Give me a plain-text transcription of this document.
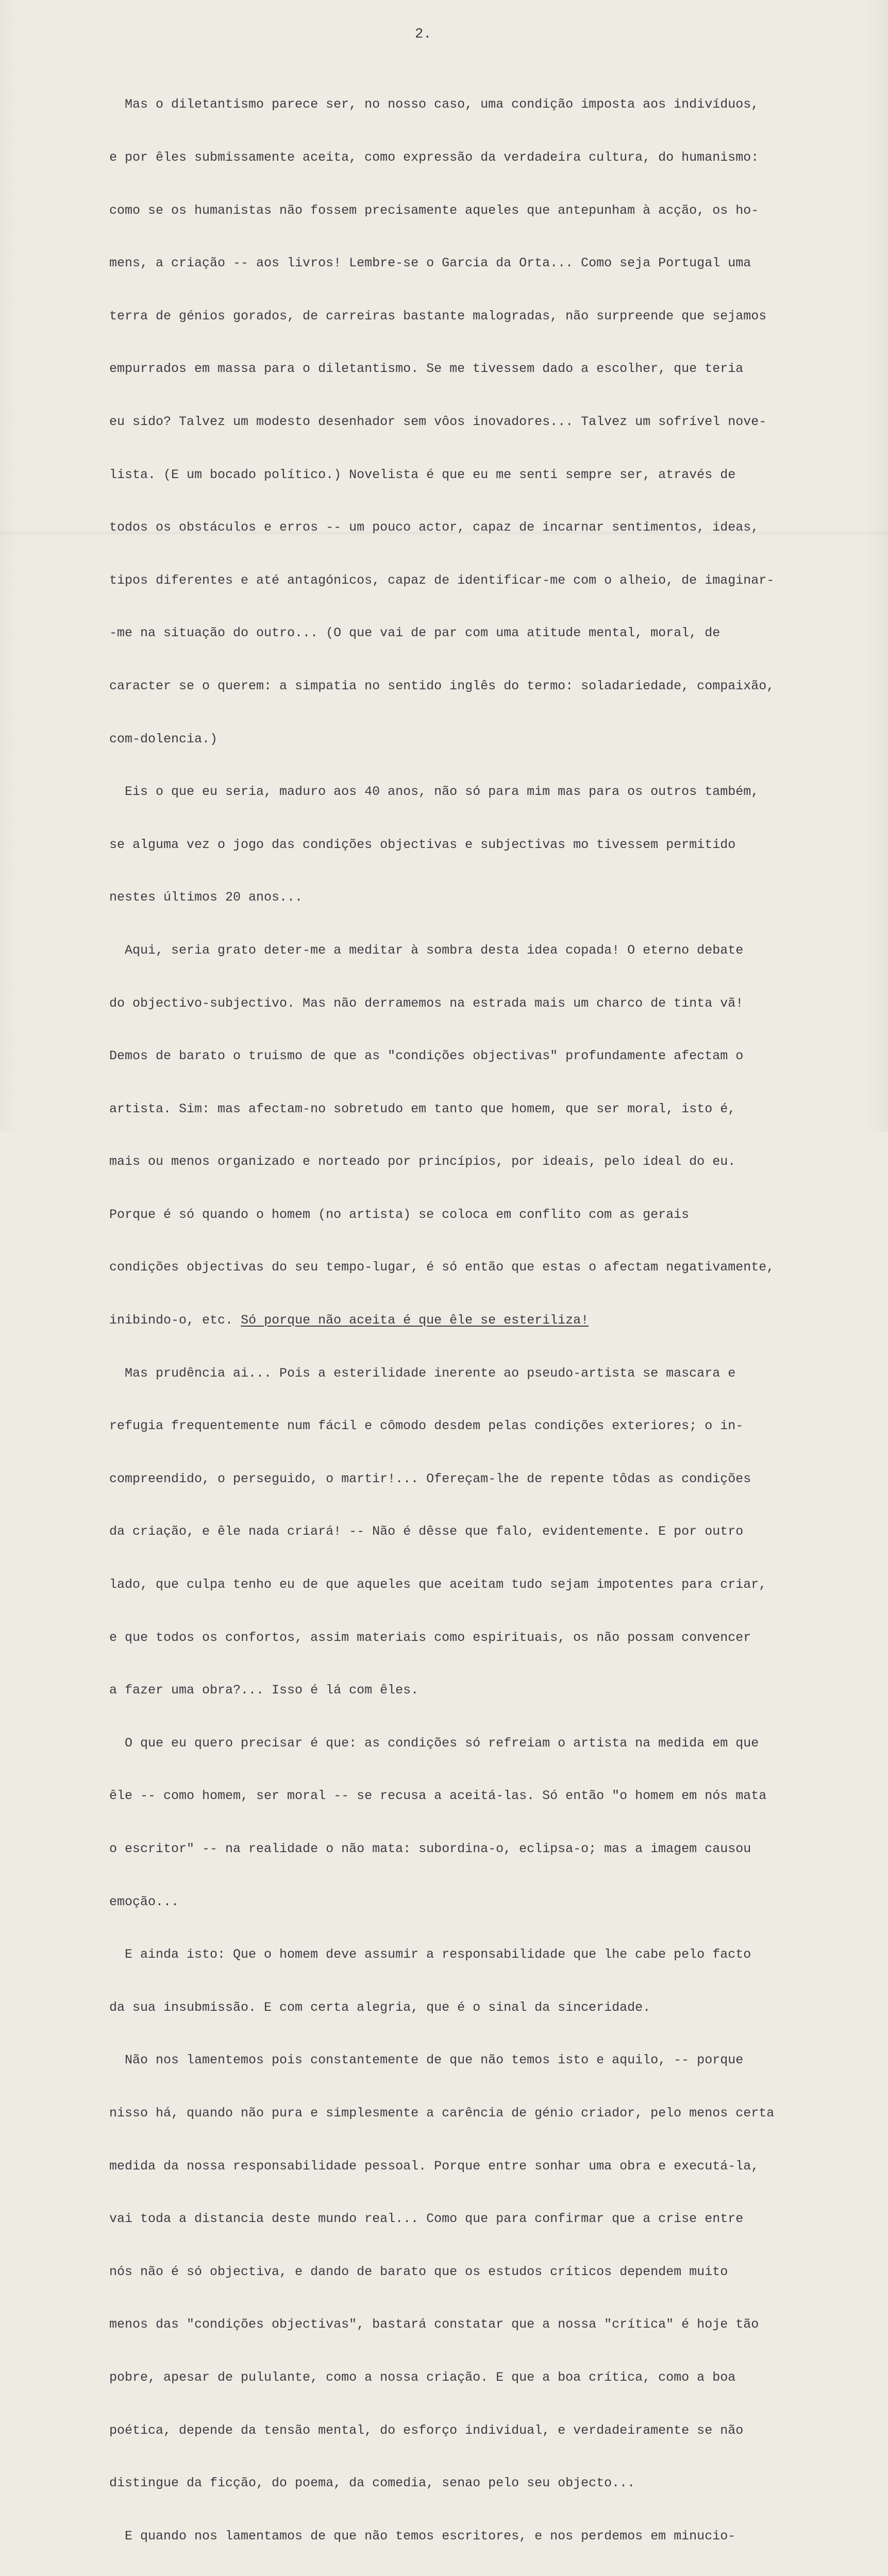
2.

Mas o diletantismo parece ser, no nosso caso, uma condição imposta aos indivíduos,

e por êles submissamente aceita, como expressão da verdadeira cultura, do humanismo:

como se os humanistas não fossem precisamente aqueles que antepunham à acção, os ho-

mens, a criação -- aos livros! Lembre-se o Garcia da Orta... Como seja Portugal uma

terra de génios gorados, de carreiras bastante malogradas, não surpreende que sejamos

empurrados em massa para o diletantismo. Se me tivessem dado a escolher, que teria

eu sido? Talvez um modesto desenhador sem vôos inovadores... Talvez um sofrível nove-

lista. (E um bocado político.) Novelista é que eu me senti sempre ser, através de

todos os obstáculos e erros -- um pouco actor, capaz de incarnar sentimentos, ideas,

tipos diferentes e até antagónicos, capaz de identificar-me com o alheio, de imaginar-

-me na situação do outro... (O que vai de par com uma atitude mental, moral, de

caracter se o querem: a simpatia no sentido inglês do termo: soladariedade, compaixão,

com-dolencia.)

Eis o que eu seria, maduro aos 40 anos, não só para mim mas para os outros também,

se alguma vez o jogo das condições objectivas e subjectivas mo tivessem permitido

nestes últimos 20 anos...

Aqui, seria grato deter-me a meditar à sombra desta idea copada! O eterno debate

do objectivo-subjectivo. Mas não derramemos na estrada mais um charco de tinta vã!

Demos de barato o truismo de que as "condições objectivas" profundamente afectam o

artista. Sim: mas afectam-no sobretudo em tanto que homem, que ser moral, isto é,

mais ou menos organizado e norteado por princípios, por ideais, pelo ideal do eu.

Porque é só quando o homem (no artista) se coloca em conflito com as gerais

condições objectivas do seu tempo-lugar, é só então que estas o afectam negativamente,

inibindo-o, etc. Só porque não aceita é que êle se esteriliza!

Mas prudência ai... Pois a esterilidade inerente ao pseudo-artista se mascara e

refugia frequentemente num fácil e cômodo desdem pelas condições exteriores; o in-

compreendido, o perseguido, o martir!... Ofereçam-lhe de repente tôdas as condições

da criação, e êle nada criará! -- Não é dêsse que falo, evidentemente. E por outro

lado, que culpa tenho eu de que aqueles que aceitam tudo sejam impotentes para criar,

e que todos os confortos, assim materiais como espirituais, os não possam convencer

a fazer uma obra?... Isso é lá com êles.

O que eu quero precisar é que: as condições só refreiam o artista na medida em que

êle -- como homem, ser moral -- se recusa a aceitá-las. Só então "o homem em nós mata

o escritor" -- na realidade o não mata: subordina-o, eclipsa-o; mas a imagem causou

emoção...

E ainda isto: Que o homem deve assumir a responsabilidade que lhe cabe pelo facto

da sua insubmissão. E com certa alegria, que é o sinal da sinceridade.

Não nos lamentemos pois constantemente de que não temos isto e aquilo, -- porque

nisso há, quando não pura e simplesmente a carência de génio criador, pelo menos certa

medida da nossa responsabilidade pessoal. Porque entre sonhar uma obra e executá-la,

vai toda a distancia deste mundo real... Como que para confirmar que a crise entre

nós não é só objectiva, e dando de barato que os estudos críticos dependem muito

menos das "condições objectivas", bastará constatar que a nossa "crítica" é hoje tão

pobre, apesar de pululante, como a nossa criação. E que a boa crítica, como a boa

poética, depende da tensão mental, do esforço individual, e verdadeiramente se não

distingue da ficção, do poema, da comedia, senao pelo seu objecto...

E quando nos lamentamos de que não temos escritores, e nos perdemos em minucio-
